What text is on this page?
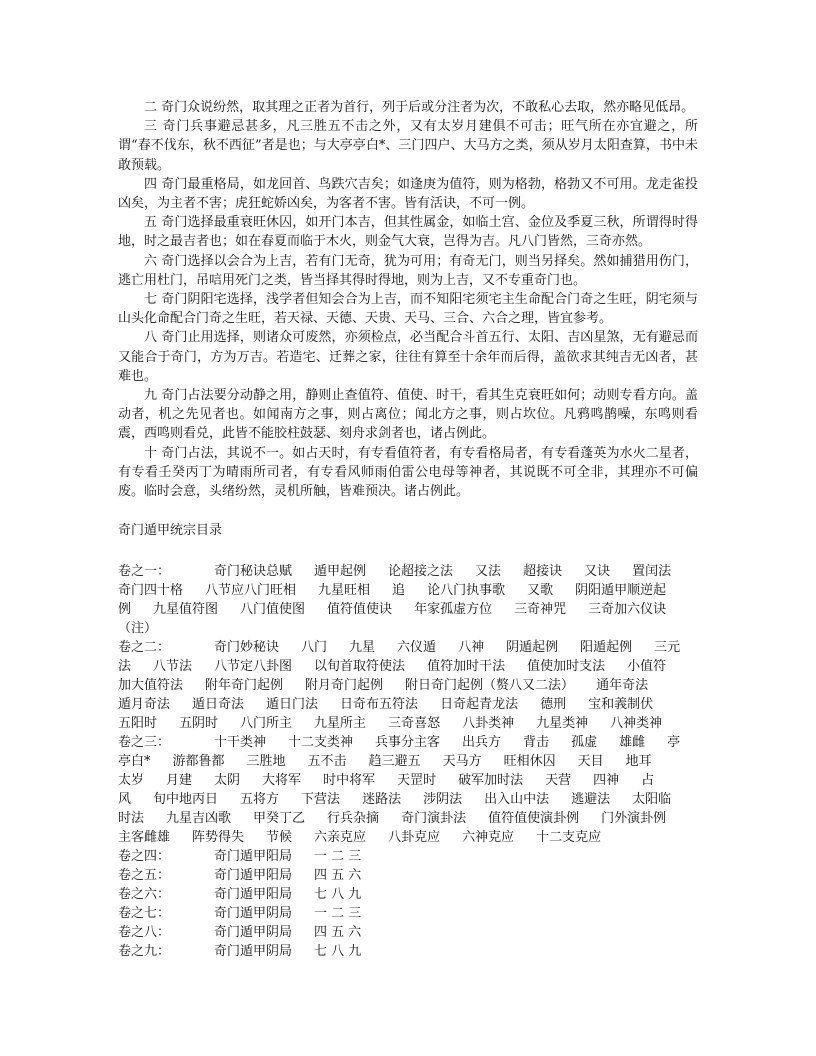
二 奇门众说纷然，取其理之正者为首行，列于后或分注者为次，不敢私心去取，然亦略见低昂。

三 奇门兵事避忌甚多，凡三胜五不击之外，又有太岁月建俱不可击；旺气所在亦宜避之，所谓“春不伐东，秋不西征”者是也；与大亭亭白*、三门四户、大马方之类，须从岁月太阳查算，书中未敢预载。

四 奇门最重格局，如龙回首、鸟跌穴吉矣；如逢庚为值符，则为格勃，格勃又不可用。龙走雀投凶矣，为主者不害；虎狂蛇娇凶矣，为客者不害。皆有活诀，不可一例。

五 奇门选择最重衰旺休囚，如开门本吉，但其性属金，如临土宫、金位及季夏三秋，所谓得时得地，时之最吉者也；如在春夏而临于木火，则金气大衰，岂得为吉。凡八门皆然，三奇亦然。

六 奇门选择以会合为上吉，若有门无奇，犹为可用；有奇无门，则当另择矣。然如捕猎用伤门，逃亡用杜门，吊唁用死门之类，皆当择其得时得地，则为上吉，又不专重奇门也。

七 奇门阴阳宅选择，浅学者但知会合为上吉，而不知阳宅须宅主生命配合门奇之生旺，阴宅须与山头化命配合门奇之生旺，若天禄、天德、天贵、天马、三合、六合之理，皆宜参考。

八 奇门止用选择，则诸众可废然，亦须检点，必当配合斗首五行、太阳、吉凶星煞，无有避忌而又能合于奇门，方为万吉。若造宅、迁葬之家，往往有算至十余年而后得，盖欲求其纯吉无凶者，甚难也。

九 奇门占法要分动静之用，静则止查值符、值使、时干，看其生克衰旺如何；动则专看方向。盖动者，机之先见者也。如闻南方之事，则占离位；闻北方之事，则占坎位。凡鸦鸣鹊噪，东鸣则看震，西鸣则看兑，此皆不能胶柱鼓瑟、刻舟求剑者也，诸占例此。

十 奇门占法，其说不一。如占天时，有专看值符者，有专看格局者，有专看蓬英为水火二星者，有专看壬癸丙丁为晴雨所司者，有专看风师雨伯雷公电母等神者，其说既不可全非，其理亦不可偏废。临时会意，头绪纷然，灵机所触，皆难预决。诸占例此。

奇门遁甲统宗目录
卷之一：	奇门秘诀总赋 遁甲起例 论超接之法 又法 超接诀 又诀 置闰法
奇门四十格 八节应八门旺相 九星旺相 追 论八门执事歌 又歌 阴阳遁甲顺逆起
例 九星值符图 八门值使图 值符值使诀 年家孤虚方位 三奇神咒 三奇加六仪诀
（注）
卷之二：	奇门妙秘诀 八门 九星 六仪遁 八神 阴遁起例 阳遁起例 三元
法 八节法 八节定八卦图 以旬首取符使法 值符加时干法 值使加时支法 小值符
加大值符法 附年奇门起例 附月奇门起例 附日奇门起例（赘八又二法） 通年奇法
遁月奇法 遁日奇法 遁日门法 日奇布五符法 日奇起青龙法 德刑 宝和義制伏
五阳时 五阴时 八门所主 九星所主 三奇喜怒 八卦类神 九星类神 八神类神
卷之三：	十干类神 十二支类神 兵事分主客 出兵方 背击 孤虚 雄雌 亭
亭白* 游都鲁都 三胜地 五不击 趋三避五 天马方 旺相休囚 天目 地耳
太岁 月建 太阴 大将军 时中将军 天罡时 破军加时法 天营 四神 占
风 旬中地丙日 五将方 下营法 迷路法 涉阴法 出入山中法 逃避法 太阳临
时法 九星吉凶歌 甲癸丁乙 行兵杂摘 奇门演卦法 值符值使演卦例 门外演卦例
主客雌雄 阵势得失 节候 六亲克应 八卦克应 六神克应 十二支克应
卷之四：	奇门遁甲阳局 一 二 三
卷之五：	奇门遁甲阳局 四 五 六
卷之六：	奇门遁甲阳局 七 八 九
卷之七：	奇门遁甲阴局 一 二 三
卷之八：	奇门遁甲阴局 四 五 六
卷之九：	奇门遁甲阴局 七 八 九
